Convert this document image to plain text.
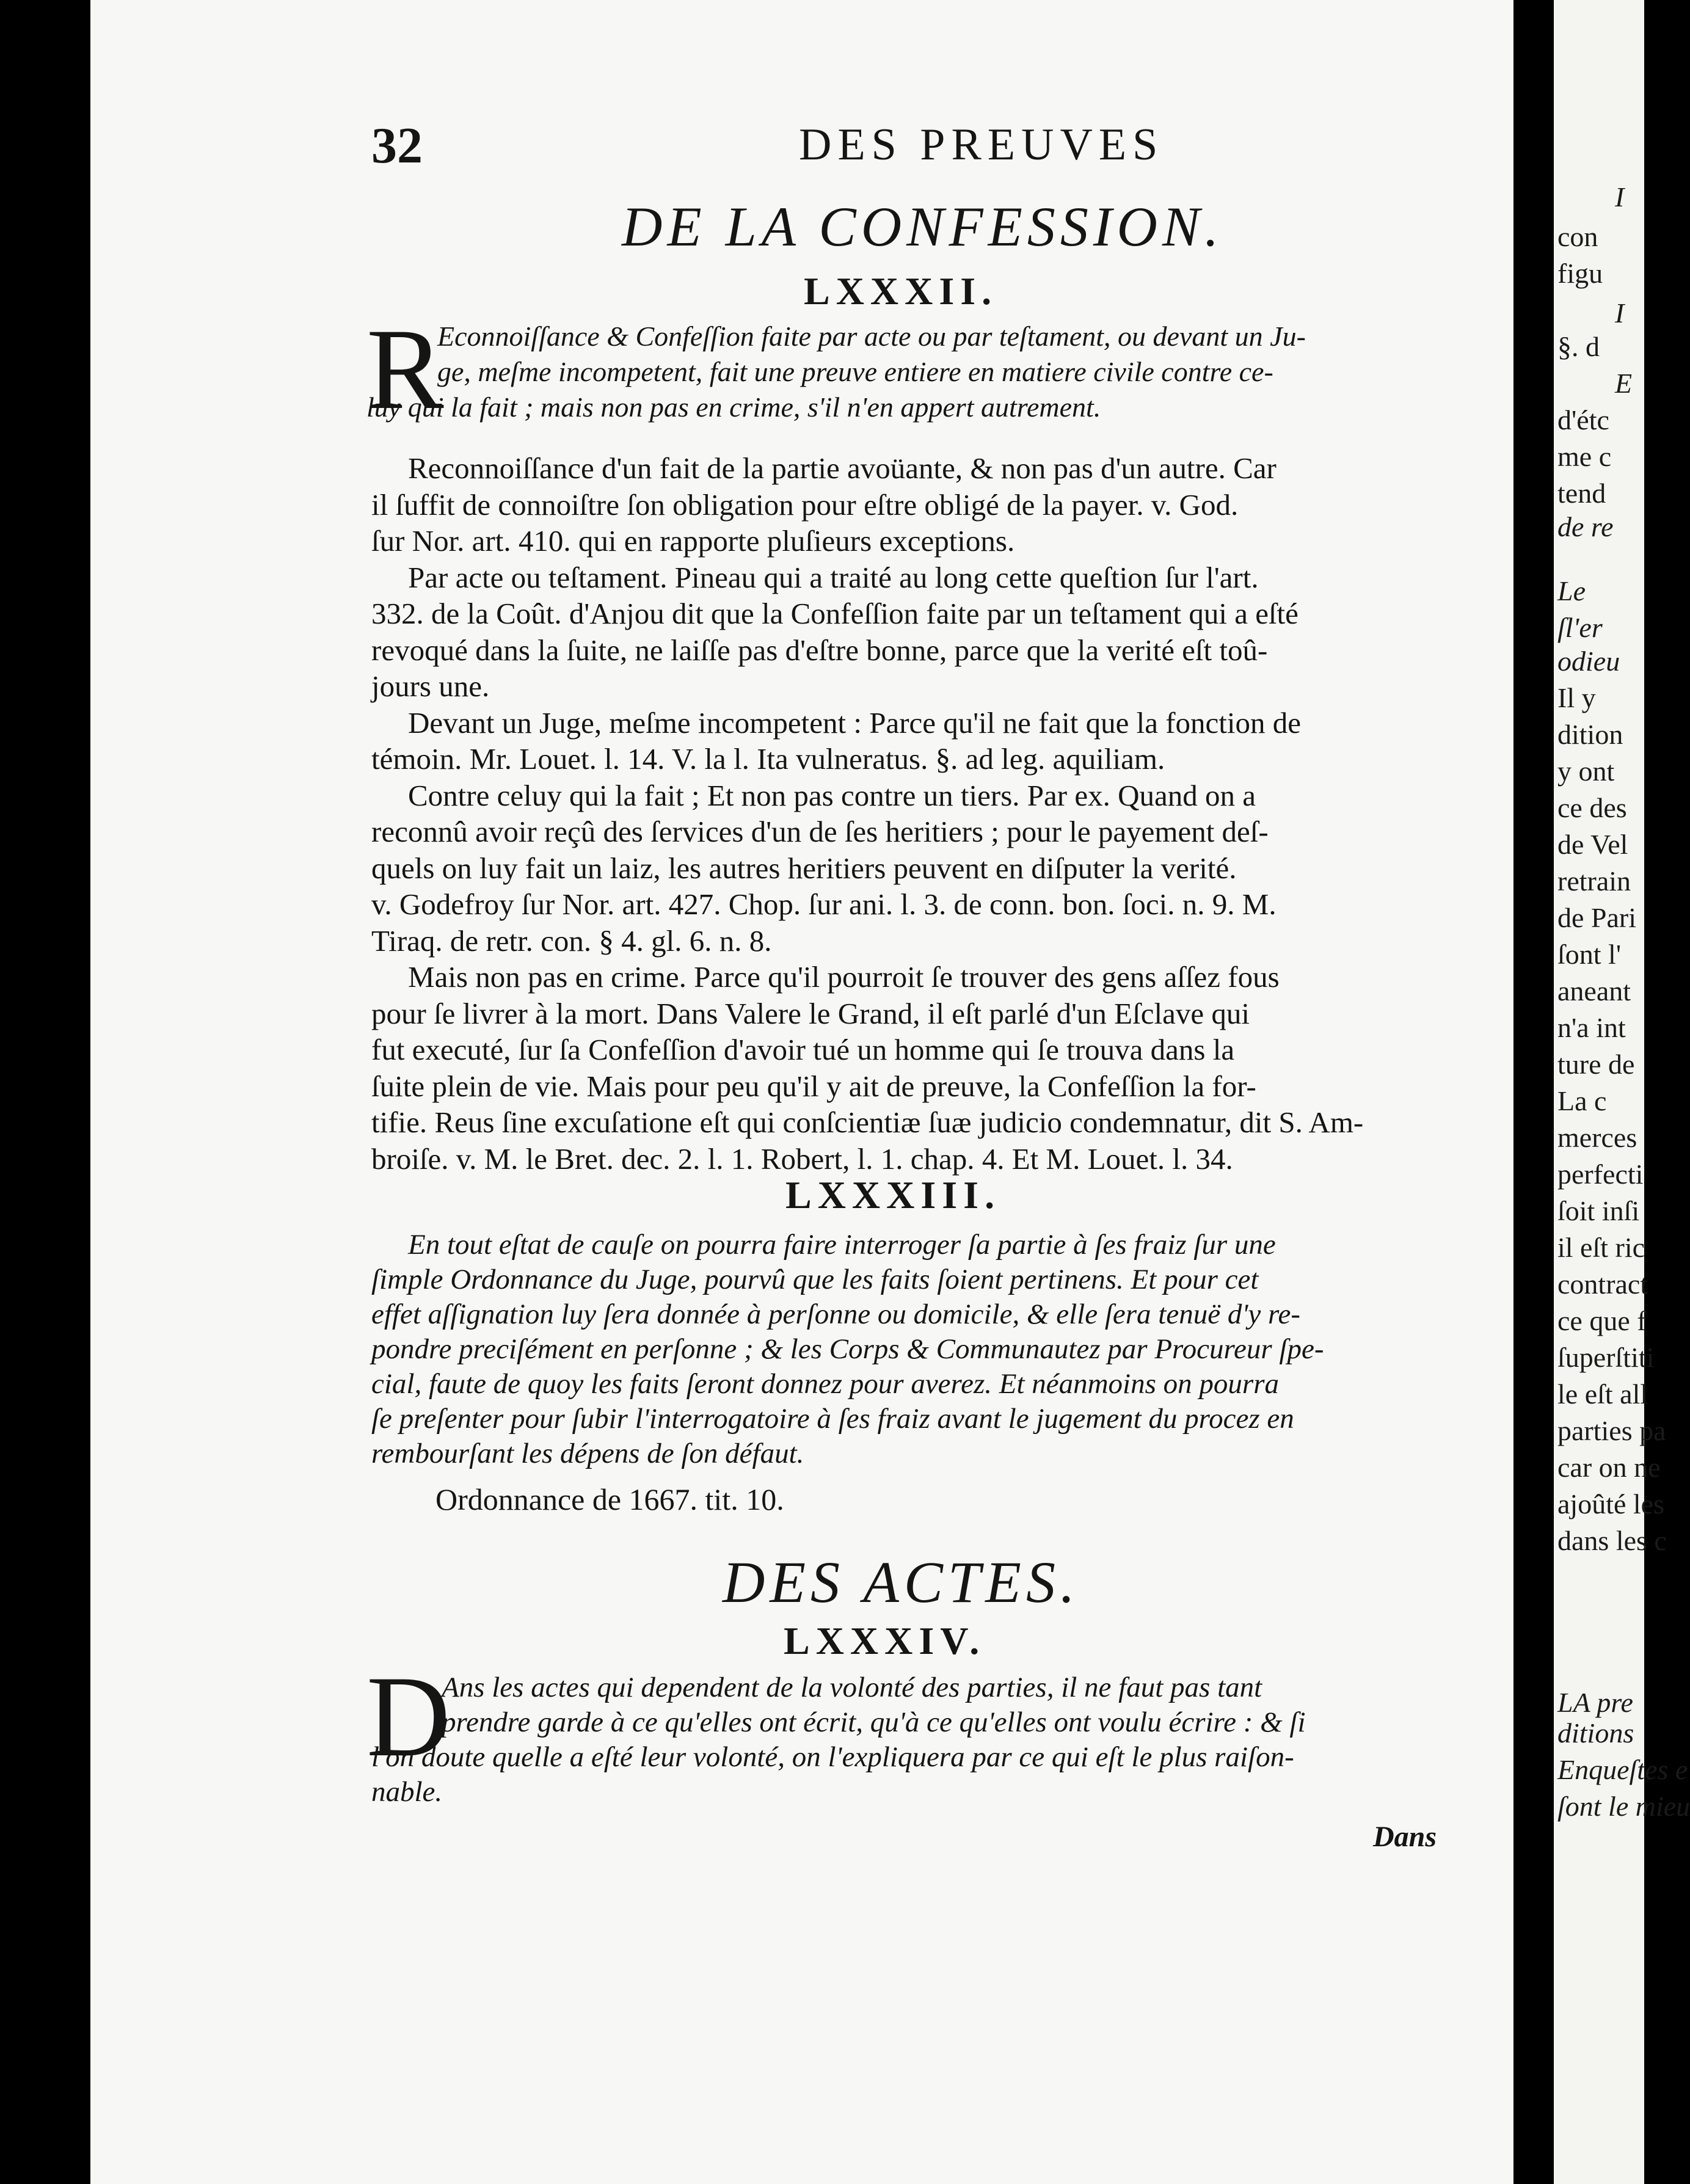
32	DES PREUVES
DE LA CONFESSION.
LXXXII.
R
Econnoiſſance & Confeſſion faite par acte ou par teſtament, ou devant un Ju-
ge, meſme incompetent, fait une preuve entiere en matiere civile contre ce-
luy qui la fait ; mais non pas en crime, s'il n'en appert autrement.
Reconnoiſſance d'un fait de la partie avoüante, & non pas d'un autre. Car
il ſuffit de connoiſtre ſon obligation pour eſtre obligé de la payer. v. God.
ſur Nor. art. 410. qui en rapporte pluſieurs exceptions.
Par acte ou teſtament. Pineau qui a traité au long cette queſtion ſur l'art.
332. de la Coût. d'Anjou dit que la Confeſſion faite par un teſtament qui a eſté
revoqué dans la ſuite, ne laiſſe pas d'eſtre bonne, parce que la verité eſt toû-
jours une.
Devant un Juge, meſme incompetent : Parce qu'il ne fait que la fonction de
témoin. Mr. Louet. l. 14. V. la l. Ita vulneratus. §. ad leg. aquiliam.
Contre celuy qui la fait ; Et non pas contre un tiers. Par ex. Quand on a
reconnû avoir reçû des ſervices d'un de ſes heritiers ; pour le payement deſ-
quels on luy fait un laiz, les autres heritiers peuvent en diſputer la verité.
v. Godefroy ſur Nor. art. 427. Chop. ſur ani. l. 3. de conn. bon. ſoci. n. 9. M.
Tiraq. de retr. con. § 4. gl. 6. n. 8.
Mais non pas en crime. Parce qu'il pourroit ſe trouver des gens aſſez fous
pour ſe livrer à la mort. Dans Valere le Grand, il eſt parlé d'un Eſclave qui
fut executé, ſur ſa Confeſſion d'avoir tué un homme qui ſe trouva dans la
ſuite plein de vie. Mais pour peu qu'il y ait de preuve, la Confeſſion la for-
tifie. Reus ſine excuſatione eſt qui conſcientiæ ſuæ judicio condemnatur, dit S. Am-
broiſe. v. M. le Bret. dec. 2. l. 1. Robert, l. 1. chap. 4. Et M. Louet. l. 34.
LXXXIII.
En tout eſtat de cauſe on pourra faire interroger ſa partie à ſes fraiz ſur une
ſimple Ordonnance du Juge, pourvû que les faits ſoient pertinens. Et pour cet
effet aſſignation luy ſera donnée à perſonne ou domicile, & elle ſera tenuë d'y re-
pondre preciſément en perſonne ; & les Corps & Communautez par Procureur ſpe-
cial, faute de quoy les faits ſeront donnez pour averez. Et néanmoins on pourra
ſe preſenter pour ſubir l'interrogatoire à ſes fraiz avant le jugement du procez en
rembourſant les dépens de ſon défaut.
Ordonnance de 1667. tit. 10.
DES ACTES.
LXXXIV.
D
Ans les actes qui dependent de la volonté des parties, il ne faut pas tant
prendre garde à ce qu'elles ont écrit, qu'à ce qu'elles ont voulu écrire : & ſi
l'on doute quelle a eſté leur volonté, on l'expliquera par ce qui eſt le plus raiſon-
nable.
Dans
I
con
figu
I
§. d
E
d'étc
me c
tend
de re
Le
ſl'er
odieu
Il y
dition
y ont
ce des
de Vel
retrain
de Pari
ſont l'
aneant
n'a int
ture de
La c
merces
perfecti
ſoit inſi
il eſt ric
contract
ce que f
ſuperſtiti
le eſt all
parties pa
car on ne
ajoûté les
dans les c
LA pre
ditions
Enqueſtes e
ſont le mieu
